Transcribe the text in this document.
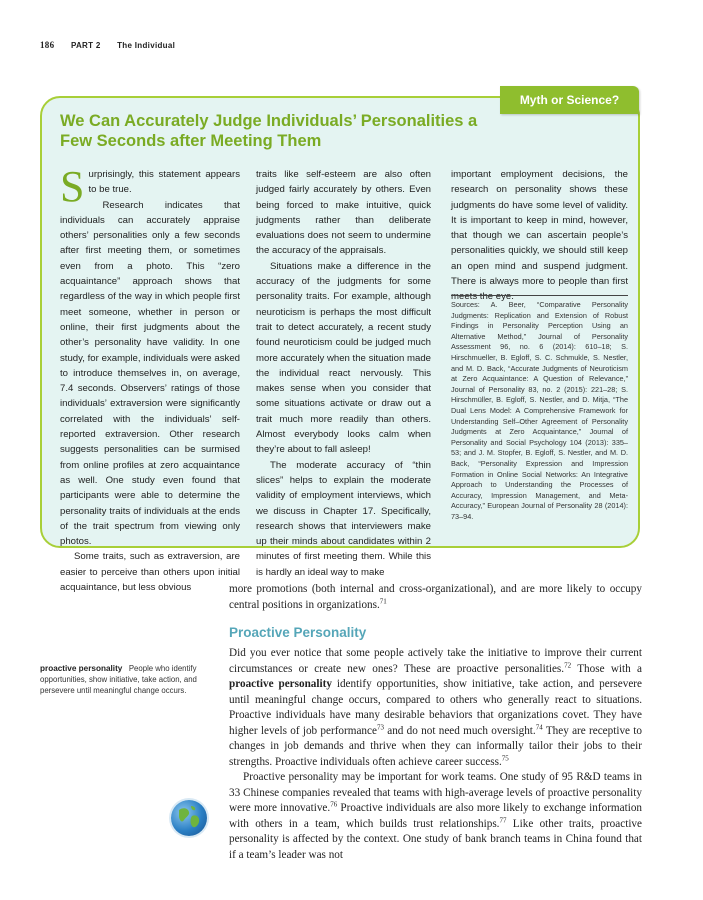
186 PART 2 The Individual
Myth or Science?
We Can Accurately Judge Individuals’ Personalities a Few Seconds after Meeting Them

Surprisingly, this statement appears to be true.

Research indicates that individuals can accurately appraise others’ personalities only a few seconds after first meeting them, or sometimes even from a photo. This “zero acquaintance” approach shows that regardless of the way in which people first meet someone, whether in person or online, their first judgments about the other’s personality have validity. In one study, for example, individuals were asked to introduce themselves in, on average, 7.4 seconds. Observers’ ratings of those individuals’ extraversion were significantly correlated with the individuals’ self-reported extraversion. Other research suggests personalities can be surmised from online profiles at zero acquaintance as well. One study even found that participants were able to determine the personality traits of individuals at the ends of the trait spectrum from viewing only photos.

Some traits, such as extraversion, are easier to perceive than others upon initial acquaintance, but less obvious

traits like self-esteem are also often judged fairly accurately by others. Even being forced to make intuitive, quick judgments rather than deliberate evaluations does not seem to undermine the accuracy of the appraisals.

Situations make a difference in the accuracy of the judgments for some personality traits. For example, although neuroticism is perhaps the most difficult trait to detect accurately, a recent study found neuroticism could be judged much more accurately when the situation made the individual react nervously. This makes sense when you consider that some situations activate or draw out a trait much more readily than others. Almost everybody looks calm when they’re about to fall asleep!

The moderate accuracy of “thin slices” helps to explain the moderate validity of employment interviews, which we discuss in Chapter 17. Specifically, research shows that interviewers make up their minds about candidates within 2 minutes of first meeting them. While this is hardly an ideal way to make

important employment decisions, the research on personality shows these judgments do have some level of validity. It is important to keep in mind, however, that though we can ascertain people’s personalities quickly, we should still keep an open mind and suspend judgment. There is always more to people than first meets the eye.

Sources: A. Beer, “Comparative Personality Judgments: Replication and Extension of Robust Findings in Personality Perception Using an Alternative Method,” Journal of Personality Assessment 96, no. 6 (2014): 610–18; S. Hirschmueller, B. Egloff, S. C. Schmukle, S. Nestler, and M. D. Back, “Accurate Judgments of Neuroticism at Zero Acquaintance: A Question of Relevance,” Journal of Personality 83, no. 2 (2015): 221–28; S. Hirschmüller, B. Egloff, S. Nestler, and D. Mitja, “The Dual Lens Model: A Comprehensive Framework for Understanding Self–Other Agreement of Personality Judgments at Zero Acquaintance,” Journal of Personality and Social Psychology 104 (2013): 335–53; and J. M. Stopfer, B. Egloff, S. Nestler, and M. D. Back, “Personality Expression and Impression Formation in Online Social Networks: An Integrative Approach to Understanding the Processes of Accuracy, Impression Management, and Meta-Accuracy,” European Journal of Personality 28 (2014): 73–94.

more promotions (both internal and cross-organizational), and are more likely to occupy central positions in organizations.$^{71}$

Proactive Personality

Did you ever notice that some people actively take the initiative to improve their current circumstances or create new ones? These are proactive personalities.$^{72}$ Those with a proactive personality identify opportunities, show initiative, take action, and persevere until meaningful change occurs, compared to others who generally react to situations. Proactive individuals have many desirable behaviors that organizations covet. They have higher levels of job performance$^{73}$ and do not need much oversight.$^{74}$ They are receptive to changes in job demands and thrive when they can informally tailor their jobs to their strengths. Proactive individuals often achieve career success.$^{75}$

Proactive personality may be important for work teams. One study of 95 R&D teams in 33 Chinese companies revealed that teams with high-average levels of proactive personality were more innovative.$^{76}$ Proactive individuals are also more likely to exchange information with others in a team, which builds trust relationships.$^{77}$ Like other traits, proactive personality is affected by the context. One study of bank branch teams in China found that if a team’s leader was not

proactive personality People who identify opportunities, show initiative, take action, and persevere until meaningful change occurs.
